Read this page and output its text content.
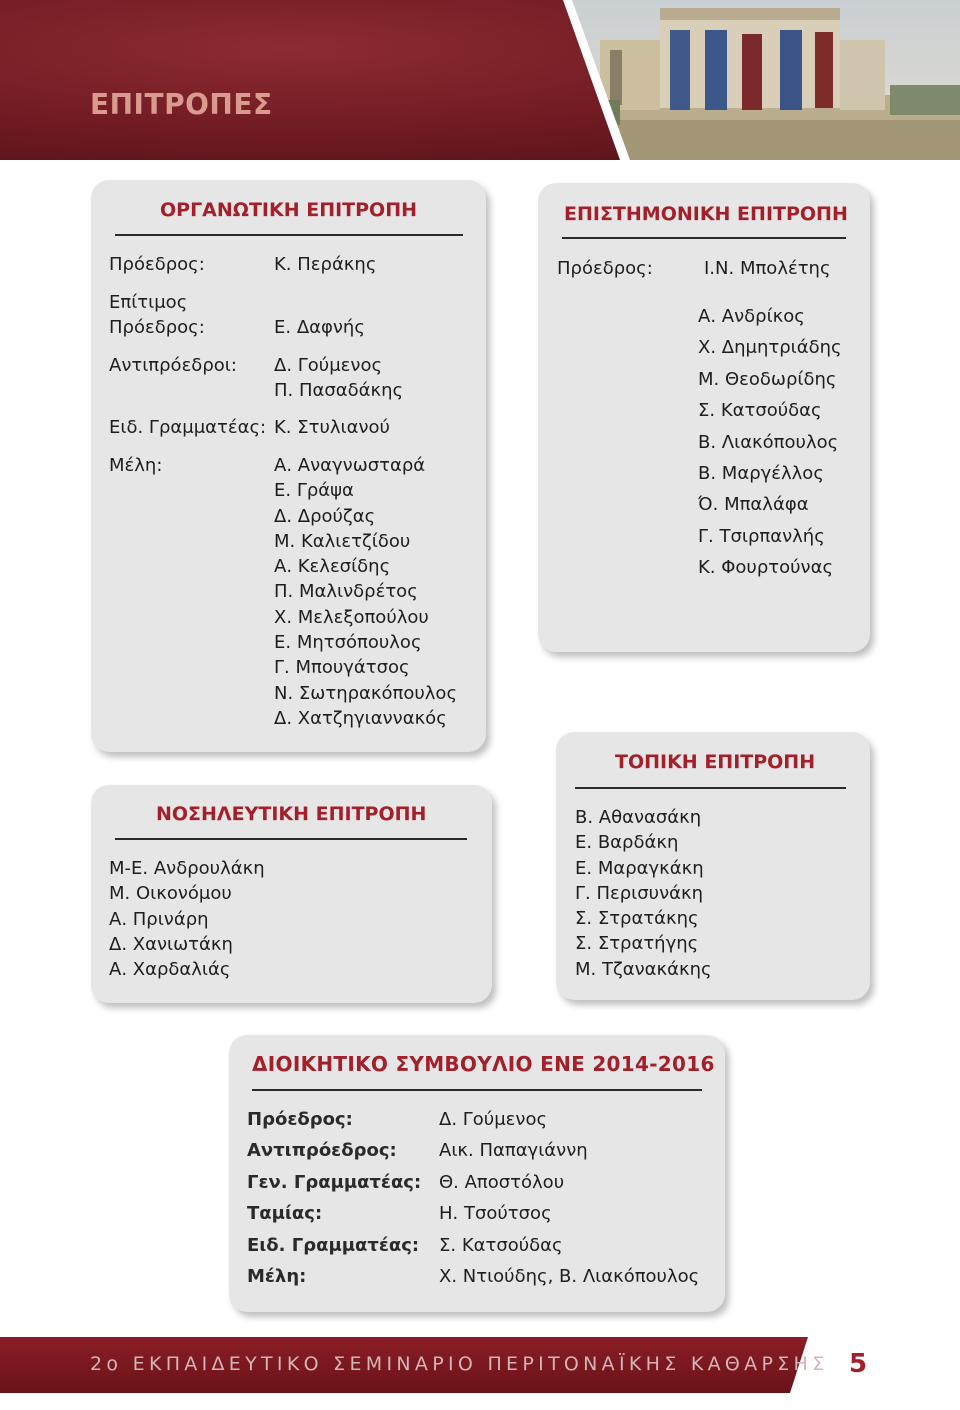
ΕΠΙΤΡΟΠΕΣ
ΟΡΓΑΝΩΤΙΚΗ ΕΠΙΤΡΟΠΗ
Πρόεδρος:	Κ. Περάκης
Επίτιμος
Πρόεδρος:	Ε. Δαφνής
Αντιπρόεδροι: Δ. Γούμενος
Π. Πασαδάκης
Ειδ. Γραμματέας: Κ. Στυλιανού
Μέλη:	Α. Αναγνωσταρά
Ε. Γράψα
Δ. Δρούζας
Μ. Καλιετζίδου
Α. Κελεσίδης
Π. Μαλινδρέτος
Χ. Μελεξοπούλου
Ε. Μητσόπουλος
Γ. Μπουγάτσος
Ν. Σωτηρακόπουλος
Δ. Χατζηγιαννακός
ΕΠΙΣΤΗΜΟΝΙΚΗ ΕΠΙΤΡΟΠΗ
Πρόεδρος:	Ι.Ν. Μπολέτης
Α. Ανδρίκος
Χ. Δημητριάδης
Μ. Θεοδωρίδης
Σ. Κατσούδας
Β. Λιακόπουλος
Β. Μαργέλλος
Ό. Μπαλάφα
Γ. Τσιρπανλής
Κ. Φουρτούνας
ΝΟΣΗΛΕΥΤΙΚΗ ΕΠΙΤΡΟΠΗ
Μ-Ε. Ανδρουλάκη
Μ. Οικονόμου
Α. Πρινάρη
Δ. Χανιωτάκη
Α. Χαρδαλιάς
ΤΟΠΙΚΗ ΕΠΙΤΡΟΠΗ
Β. Αθανασάκη
Ε. Βαρδάκη
Ε. Μαραγκάκη
Γ. Περισυνάκη
Σ. Στρατάκης
Σ. Στρατήγης
Μ. Τζανακάκης
ΔΙΟΙΚΗΤΙΚΟ ΣΥΜΒΟΥΛΙΟ ΕΝΕ 2014-2016
Πρόεδρος:	Δ. Γούμενος
Αντιπρόεδρος: Αικ. Παπαγιάννη
Γεν. Γραμματέας: Θ. Αποστόλου
Ταμίας:	Η. Τσούτσος
Ειδ. Γραμματέας: Σ. Κατσούδας
Μέλη:	Χ. Ντιούδης, Β. Λιακόπουλος
2ο ΕΚΠΑΙΔΕΥΤΙΚΟ ΣΕΜΙΝΑΡΙΟ ΠΕΡΙΤΟΝΑΪΚΗΣ ΚΑΘΑΡΣΗΣ 5
